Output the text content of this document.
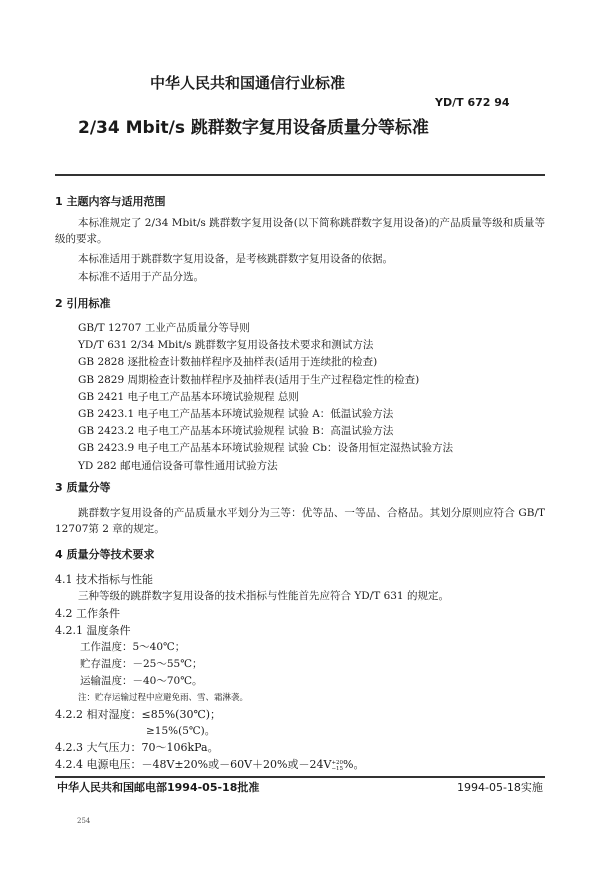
中华人民共和国通信行业标准
YD/T 672 94
2/34 Mbit/s 跳群数字复用设备质量分等标准
1 主题内容与适用范围
本标准规定了 2/34 Mbit/s 跳群数字复用设备(以下简称跳群数字复用设备)的产品质量等级和质量等级的要求。
本标准适用于跳群数字复用设备，是考核跳群数字复用设备的依据。
本标准不适用于产品分选。
2 引用标准
GB/T 12707 工业产品质量分等导则
YD/T 631 2/34 Mbit/s 跳群数字复用设备技术要求和测试方法
GB 2828 逐批检查计数抽样程序及抽样表(适用于连续批的检查)
GB 2829 周期检查计数抽样程序及抽样表(适用于生产过程稳定性的检查)
GB 2421 电子电工产品基本环境试验规程 总则
GB 2423.1 电子电工产品基本环境试验规程 试验 A：低温试验方法
GB 2423.2 电子电工产品基本环境试验规程 试验 B：高温试验方法
GB 2423.9 电子电工产品基本环境试验规程 试验 Cb：设备用恒定湿热试验方法
YD 282 邮电通信设备可靠性通用试验方法
3 质量分等
跳群数字复用设备的产品质量水平划分为三等：优等品、一等品、合格品。其划分原则应符合 GB/T 12707第 2 章的规定。
4 质量分等技术要求
4.1 技术指标与性能
三种等级的跳群数字复用设备的技术指标与性能首先应符合 YD/T 631 的规定。
4.2 工作条件
4.2.1 温度条件
工作温度：5～40℃；
贮存温度：－25～55℃；
运输温度：－40～70℃。
注：贮存运输过程中应避免雨、雪、霜淋袭。
4.2.2 相对湿度：≤85%(30℃)；
≥15%(5℃)。
4.2.3 大气压力：70～106kPa。
4.2.4 电源电压：－48V±20%或－60V＋20%或－24V +20
−15 %。
中华人民共和国邮电部1994-05-18批准	1994-05-18实施
254
